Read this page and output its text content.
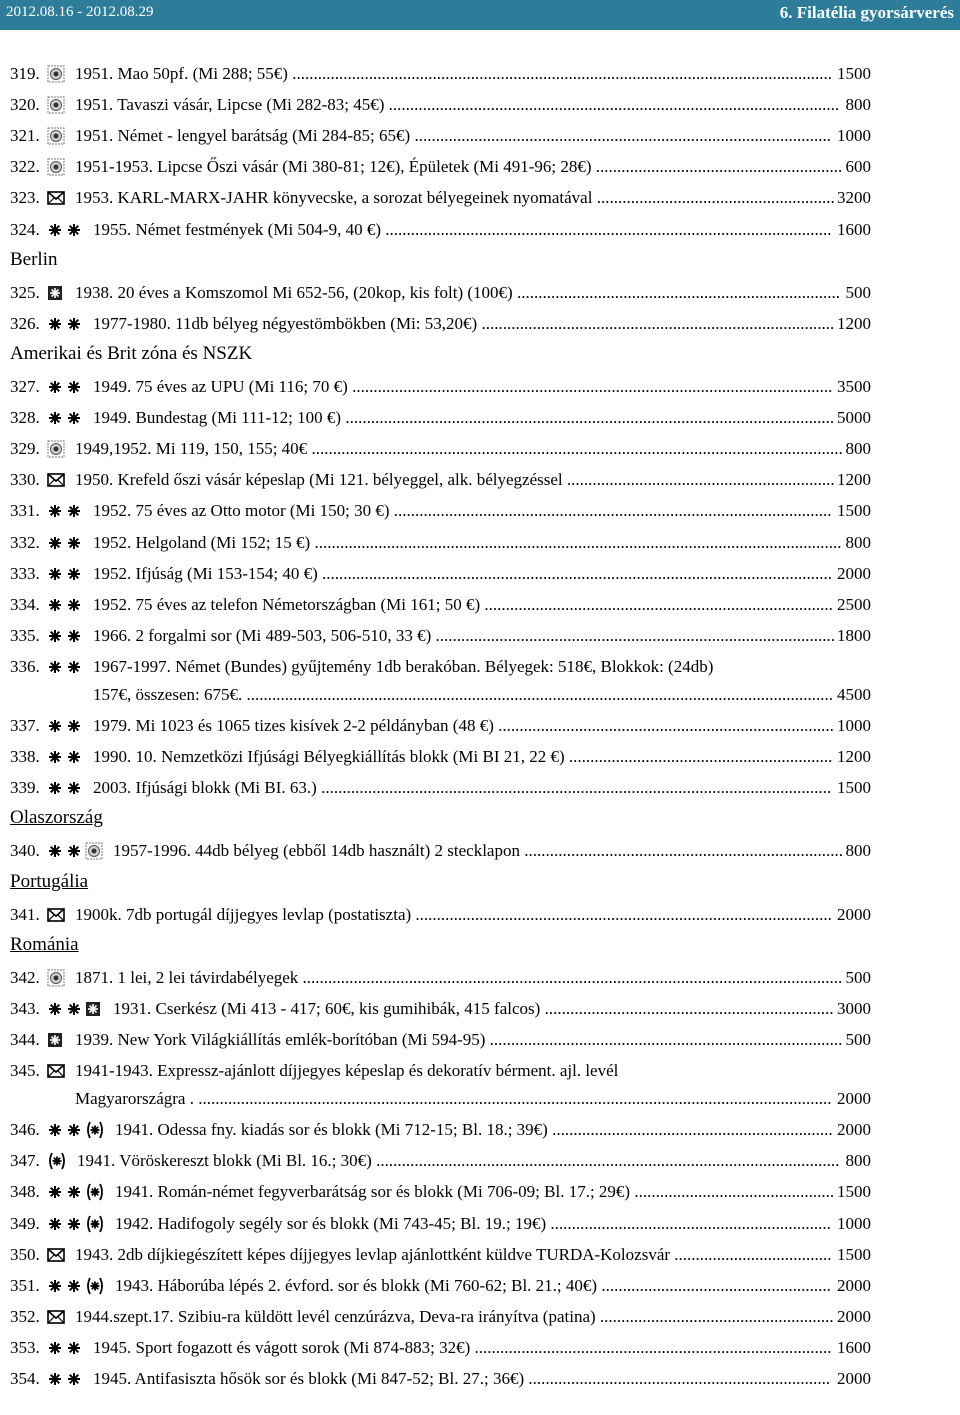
2012.08.16 - 2012.08.29	6. Filatélia gyorsárverés
319. 1951. Mao 50pf. (Mi 288; 55€) ............................................................................................................................... 1500
320. 1951. Tavaszi vásár, Lipcse (Mi 282-83; 45€) .......................................................................................................... 800
321. 1951. Német - lengyel barátság (Mi 284-85; 65€) .................................................................................................. 1000
322. 1951-1953. Lipcse Őszi vásár (Mi 380-81; 12€), Épületek (Mi 491-96; 28€) .......................................................... 600
323. 1953. KARL-MARX-JAHR könyvecske, a sorozat bélyegeinek nyomatával ........................................................ 3200
324.	1955. Német festmények (Mi 504-9, 40 €) ......................................................................................................... 1600
Berlin
325. 1938. 20 éves a Komszomol Mi 652-56, (20kop, kis folt) (100€) ............................................................................ 500
326.	1977-1980. 11db bélyeg négyestömbökben (Mi: 53,20€) ................................................................................... 1200
Amerikai és Brit zóna és NSZK
327.	1949. 75 éves az UPU (Mi 116; 70 €) ................................................................................................................. 3500
328.	1949. Bundestag (Mi 111-12; 100 €) ................................................................................................................... 5000
329. 1949,1952. Mi 119, 150, 155; 40€ ............................................................................................................................. 800
330. 1950. Krefeld őszi vásár képeslap (Mi 121. bélyeggel, alk. bélyegzéssel ............................................................... 1200
331.	1952. 75 éves az Otto motor (Mi 150; 30 €) ....................................................................................................... 1500
332.	1952. Helgoland (Mi 152; 15 €) ............................................................................................................................ 800
333.	1952. Ifjúság (Mi 153-154; 40 €) ........................................................................................................................ 2000
334.	1952. 75 éves az telefon Németországban (Mi 161; 50 €) .................................................................................. 2500
335.	1966. 2 forgalmi sor (Mi 489-503, 506-510, 33 €) .............................................................................................. 1800
336.	1967-1997. Német (Bundes) gyűjtemény 1db berakóban. Bélyegek: 518€, Blokkok: (24db)
157€, összesen: 675€. .......................................................................................................................................... 4500
337.	1979. Mi 1023 és 1065 tizes kisívek 2-2 példányban (48 €) ............................................................................... 1000
338.	1990. 10. Nemzetközi Ifjúsági Bélyegkiállítás blokk (Mi BI 21, 22 €) .............................................................. 1200
339.	2003. Ifjúsági blokk (Mi BI. 63.) ........................................................................................................................ 1500
Olaszország
340.	1957-1996. 44db bélyeg (ebből 14db használt) 2 stecklapon ........................................................................... 800
Portugália
341. 1900k. 7db portugál díjjegyes levlap (postatiszta) .................................................................................................. 2000
Románia
342. 1871. 1 lei, 2 lei távirdabélyegek ............................................................................................................................... 500
343.	1931. Cserkész (Mi 413 - 417; 60€, kis gumihibák, 415 falcos) .................................................................... 3000
344. 1939. New York Világkiállítás emlék-borítóban (Mi 594-95) ................................................................................... 500
345. 1941-1943. Expressz-ajánlott díjjegyes képeslap és dekoratív bérment. ajl. levél
Magyarországra . ..................................................................................................................................................... 2000
346.	1941. Odessa fny. kiadás sor és blokk (Mi 712-15; Bl. 18.; 39€) .................................................................. 2000
347. 1941. Vöröskereszt blokk (Mi Bl. 16.; 30€) ............................................................................................................. 800
348.	1941. Román-német fegyverbarátság sor és blokk (Mi 706-09; Bl. 17.; 29€) ............................................... 1500
349.	1942. Hadifogoly segély sor és blokk (Mi 743-45; Bl. 19.; 19€) .................................................................. 1000
350. 1943. 2db díjkiegészített képes díjjegyes levlap ajánlottként küldve TURDA-Kolozsvár ..................................... 1500
351.	1943. Háborúba lépés 2. évford. sor és blokk (Mi 760-62; Bl. 21.; 40€) ...................................................... 2000
352. 1944.szept.17. Szibiu-ra küldött levél cenzúrázva, Deva-ra irányítva (patina) ....................................................... 2000
353.	1945. Sport fogazott és vágott sorok (Mi 874-883; 32€) .................................................................................... 1600
354.	1945. Antifasiszta hősök sor és blokk (Mi 847-52; Bl. 27.; 36€) ....................................................................... 2000
